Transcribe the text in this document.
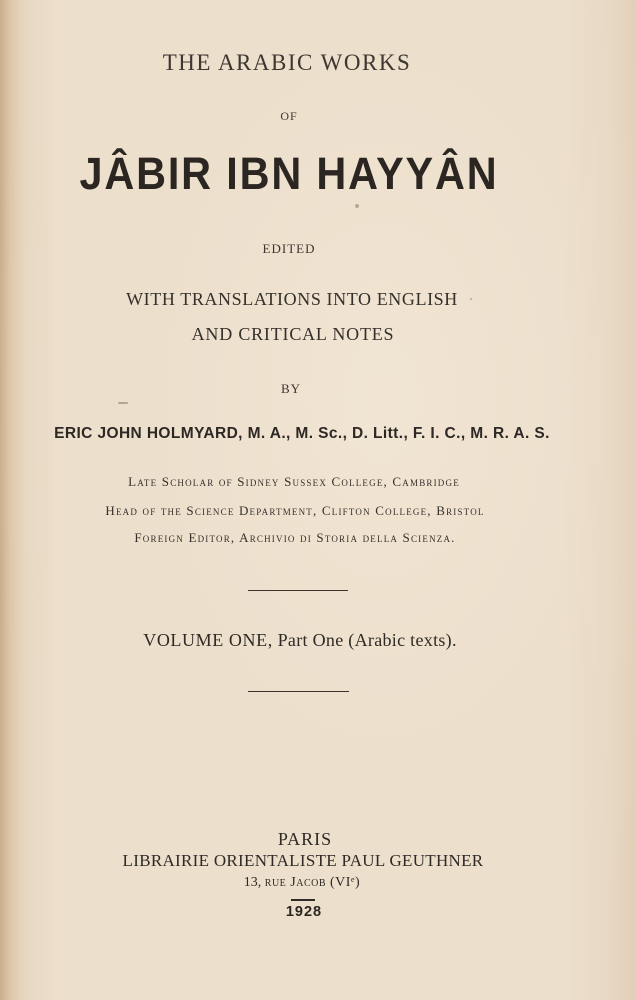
THE ARABIC WORKS
OF
JÂBIR IBN HAYYÂN
EDITED
WITH TRANSLATIONS INTO ENGLISH
AND CRITICAL NOTES
BY
ERIC JOHN HOLMYARD, M. A., M. Sc., D. Litt., F. I. C., M. R. A. S.
Late Scholar of Sidney Sussex College, Cambridge
Head of the Science Department, Clifton College, Bristol
Foreign Editor, Archivio di Storia della Scienza.
VOLUME ONE, Part One (Arabic texts).
PARIS
LIBRAIRIE ORIENTALISTE PAUL GEUTHNER
13, rue Jacob (VIᵉ)
1928
